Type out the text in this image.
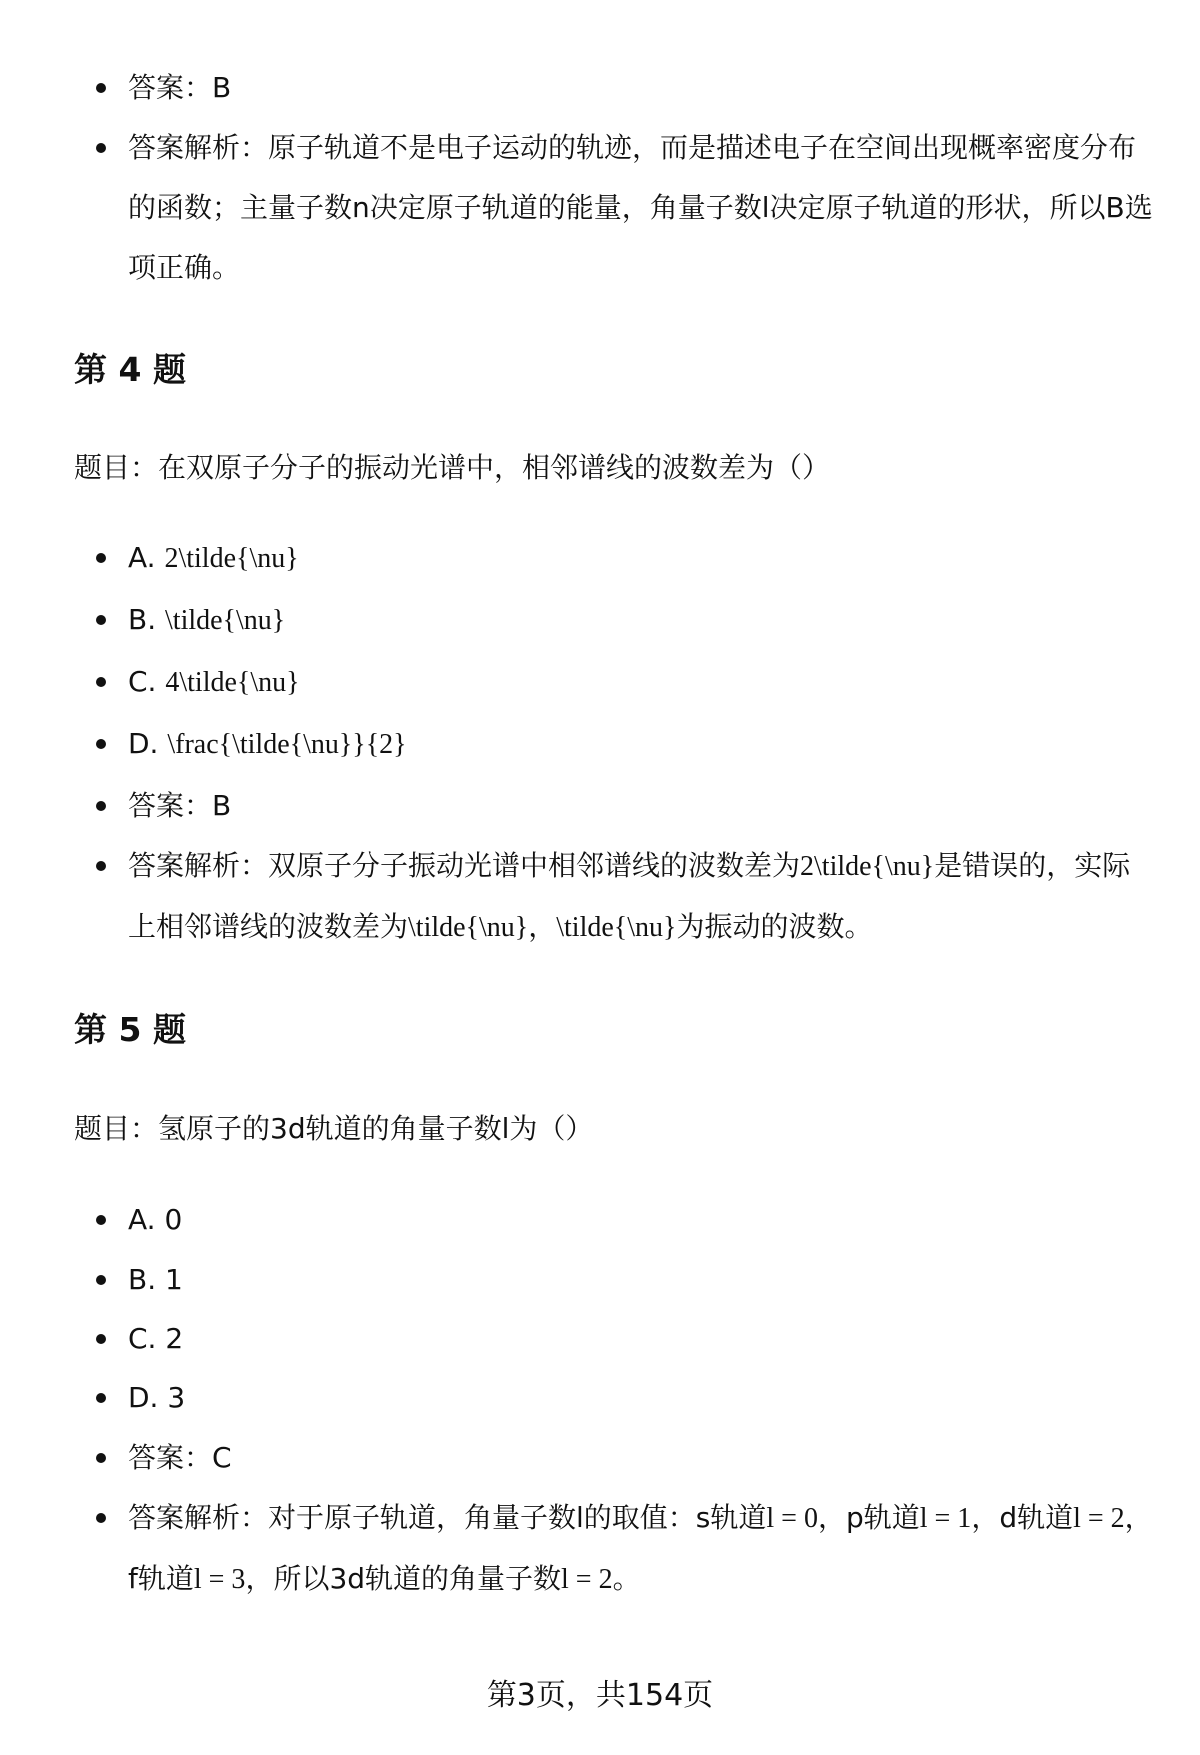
答案：B
答案解析：原子轨道不是电子运动的轨迹，而是描述电子在空间出现概率密度分布的函数；主量子数n决定原子轨道的能量，角量子数l决定原子轨道的形状，所以B选项正确。
第 4 题
题目：在双原子分子的振动光谱中，相邻谱线的波数差为（）
A. 2\tilde{\nu}
B. \tilde{\nu}
C. 4\tilde{\nu}
D. \frac{\tilde{\nu}}{2}
答案：B
答案解析：双原子分子振动光谱中相邻谱线的波数差为2\tilde{\nu}是错误的，实际上相邻谱线的波数差为\tilde{\nu}，\tilde{\nu}为振动的波数。
第 5 题
题目：氢原子的3d轨道的角量子数l为（）
A. 0
B. 1
C. 2
D. 3
答案：C
答案解析：对于原子轨道，角量子数l的取值：s轨道l = 0，p轨道l = 1，d轨道l = 2，f轨道l = 3，所以3d轨道的角量子数l = 2。
第3页，共154页
